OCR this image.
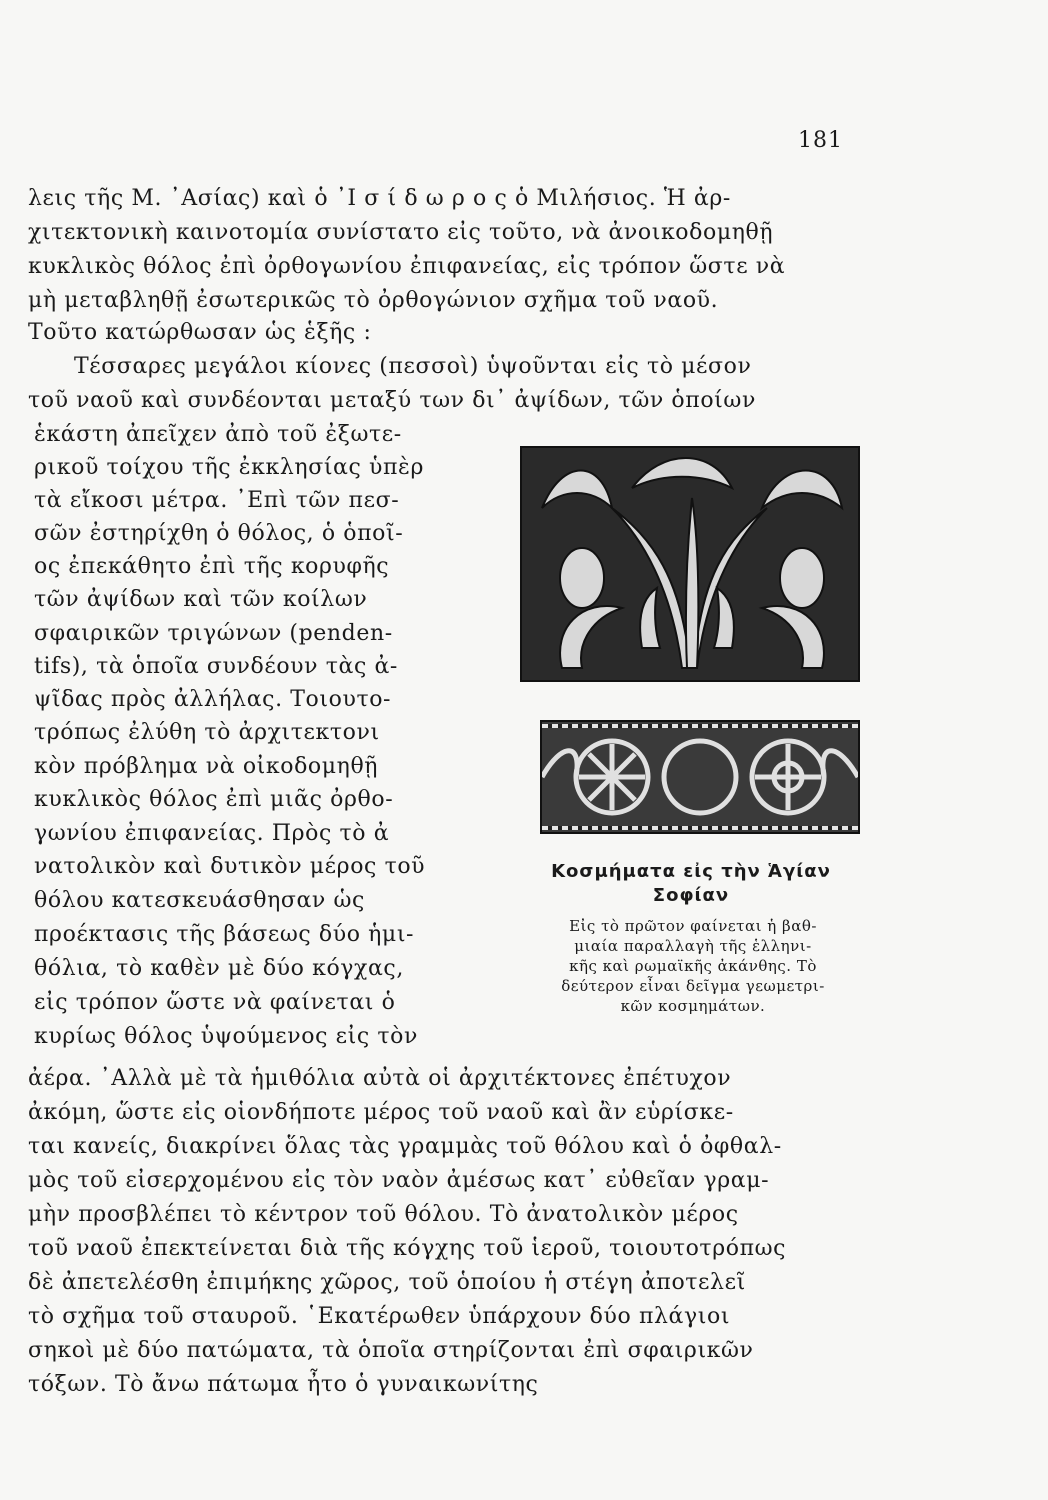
181
λεις τῆς Μ. ᾿Ασίας) καὶ ὁ ᾿Ι σ ί δ ω ρ ο ς ὁ Μιλήσιος. Ἡ ἀρ-
χιτεκτονικὴ καινοτομία συνίστατο εἰς τοῦτο, νὰ ἀνοικοδομηθῇ
κυκλικὸς θόλος ἐπὶ ὀρθογωνίου ἐπιφανείας, εἰς τρόπον ὥστε νὰ
μὴ μεταβληθῇ ἐσωτερικῶς τὸ ὀρθογώνιον σχῆμα τοῦ ναοῦ.
Τοῦτο κατώρθωσαν ὡς ἑξῆς :
Τέσσαρες μεγάλοι κίονες (πεσσοὶ) ὑψοῦνται εἰς τὸ μέσον
τοῦ ναοῦ καὶ συνδέονται μεταξύ των δι᾿ ἀψίδων, τῶν ὁποίων
ἑκάστη ἀπεῖχεν ἀπὸ τοῦ ἐξωτε-
ρικοῦ τοίχου τῆς ἐκκλησίας ὑπὲρ
τὰ εἴκοσι μέτρα. ᾿Επὶ τῶν πεσ-
σῶν ἐστηρίχθη ὁ θόλος, ὁ ὁποῖ-
ος ἐπεκάθητο ἐπὶ τῆς κορυφῆς
τῶν ἀψίδων καὶ τῶν κοίλων
σφαιρικῶν τριγώνων (penden-
tifs), τὰ ὁποῖα συνδέουν τὰς ἀ-
ψῖδας πρὸς ἀλλήλας. Τοιουτο-
τρόπως ἐλύθη τὸ ἀρχιτεκτονι
κὸν πρόβλημα νὰ οἰκοδομηθῇ
κυκλικὸς θόλος ἐπὶ μιᾶς ὀρθο-
γωνίου ἐπιφανείας. Πρὸς τὸ ἀ
νατολικὸν καὶ δυτικὸν μέρος τοῦ
θόλου κατεσκευάσθησαν ὡς
προέκτασις τῆς βάσεως δύο ἡμι-
θόλια, τὸ καθὲν μὲ δύο κόγχας,
εἰς τρόπον ὥστε νὰ φαίνεται ὁ
κυρίως θόλος ὑψούμενος εἰς τὸν
Κοσμήματα εἰς τὴν Ἁγίαν
Σοφίαν
Εἰς τὸ πρῶτον φαίνεται ἡ βαθ-
μιαία παραλλαγὴ τῆς ἑλληνι-
κῆς καὶ ρωμαϊκῆς ἀκάνθης. Τὸ
δεύτερον εἶναι δεῖγμα γεωμετρι-
κῶν κοσμημάτων.
ἀέρα. ᾿Αλλὰ μὲ τὰ ἡμιθόλια αὐτὰ οἱ ἀρχιτέκτονες ἐπέτυχον
ἀκόμη, ὥστε εἰς οἱονδήποτε μέρος τοῦ ναοῦ καὶ ἂν εὑρίσκε-
ται κανείς, διακρίνει ὅλας τὰς γραμμὰς τοῦ θόλου καὶ ὁ ὀφθαλ-
μὸς τοῦ εἰσερχομένου εἰς τὸν ναὸν ἀμέσως κατ᾿ εὐθεῖαν γραμ-
μὴν προσβλέπει τὸ κέντρον τοῦ θόλου. Τὸ ἀνατολικὸν μέρος
τοῦ ναοῦ ἐπεκτείνεται διὰ τῆς κόγχης τοῦ ἱεροῦ, τοιουτοτρόπως
δὲ ἀπετελέσθη ἐπιμήκης χῶρος, τοῦ ὁποίου ἡ στέγη ἀποτελεῖ
τὸ σχῆμα τοῦ σταυροῦ. ῾Εκατέρωθεν ὑπάρχουν δύο πλάγιοι
σηκοὶ μὲ δύο πατώματα, τὰ ὁποῖα στηρίζονται ἐπὶ σφαιρικῶν
τόξων. Τὸ ἄνω πάτωμα ἦτο ὁ γυναικωνίτης
